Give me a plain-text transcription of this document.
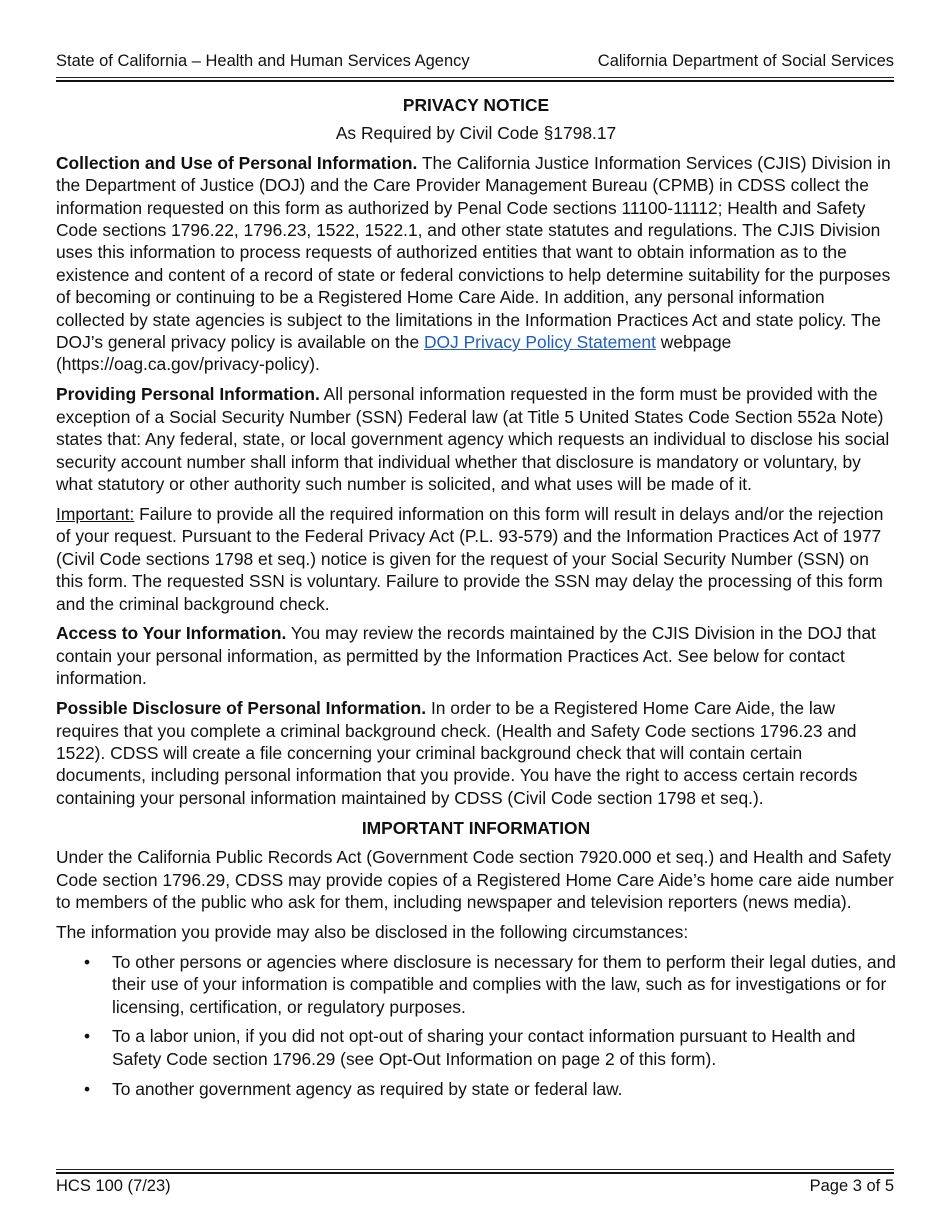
State of California – Health and Human Services Agency	California Department of Social Services
PRIVACY NOTICE
As Required by Civil Code §1798.17

Collection and Use of Personal Information. The California Justice Information Services (CJIS) Division in the Department of Justice (DOJ) and the Care Provider Management Bureau (CPMB) in CDSS collect the information requested on this form as authorized by Penal Code sections 11100-11112; Health and Safety Code sections 1796.22, 1796.23, 1522, 1522.1, and other state statutes and regulations. The CJIS Division uses this information to process requests of authorized entities that want to obtain information as to the existence and content of a record of state or federal convictions to help determine suitability for the purposes of becoming or continuing to be a Registered Home Care Aide. In addition, any personal information collected by state agencies is subject to the limitations in the Information Practices Act and state policy. The DOJ’s general privacy policy is available on the DOJ Privacy Policy Statement webpage (https://oag.ca.gov/privacy-policy).

Providing Personal Information. All personal information requested in the form must be provided with the exception of a Social Security Number (SSN) Federal law (at Title 5 United States Code Section 552a Note) states that: Any federal, state, or local government agency which requests an individual to disclose his social security account number shall inform that individual whether that disclosure is mandatory or voluntary, by what statutory or other authority such number is solicited, and what uses will be made of it.

Important: Failure to provide all the required information on this form will result in delays and/or the rejection of your request. Pursuant to the Federal Privacy Act (P.L. 93-579) and the Information Practices Act of 1977 (Civil Code sections 1798 et seq.) notice is given for the request of your Social Security Number (SSN) on this form. The requested SSN is voluntary. Failure to provide the SSN may delay the processing of this form and the criminal background check.

Access to Your Information. You may review the records maintained by the CJIS Division in the DOJ that contain your personal information, as permitted by the Information Practices Act. See below for contact information.

Possible Disclosure of Personal Information. In order to be a Registered Home Care Aide, the law requires that you complete a criminal background check. (Health and Safety Code sections 1796.23 and 1522). CDSS will create a file concerning your criminal background check that will contain certain documents, including personal information that you provide. You have the right to access certain records containing your personal information maintained by CDSS (Civil Code section 1798 et seq.).

IMPORTANT INFORMATION

Under the California Public Records Act (Government Code section 7920.000 et seq.) and Health and Safety Code section 1796.29, CDSS may provide copies of a Registered Home Care Aide’s home care aide number to members of the public who ask for them, including newspaper and television reporters (news media).

The information you provide may also be disclosed in the following circumstances:

• To other persons or agencies where disclosure is necessary for them to perform their legal duties, and their use of your information is compatible and complies with the law, such as for investigations or for licensing, certification, or regulatory purposes.
• To a labor union, if you did not opt-out of sharing your contact information pursuant to Health and Safety Code section 1796.29 (see Opt-Out Information on page 2 of this form).
• To another government agency as required by state or federal law.
HCS 100 (7/23)	Page 3 of 5
